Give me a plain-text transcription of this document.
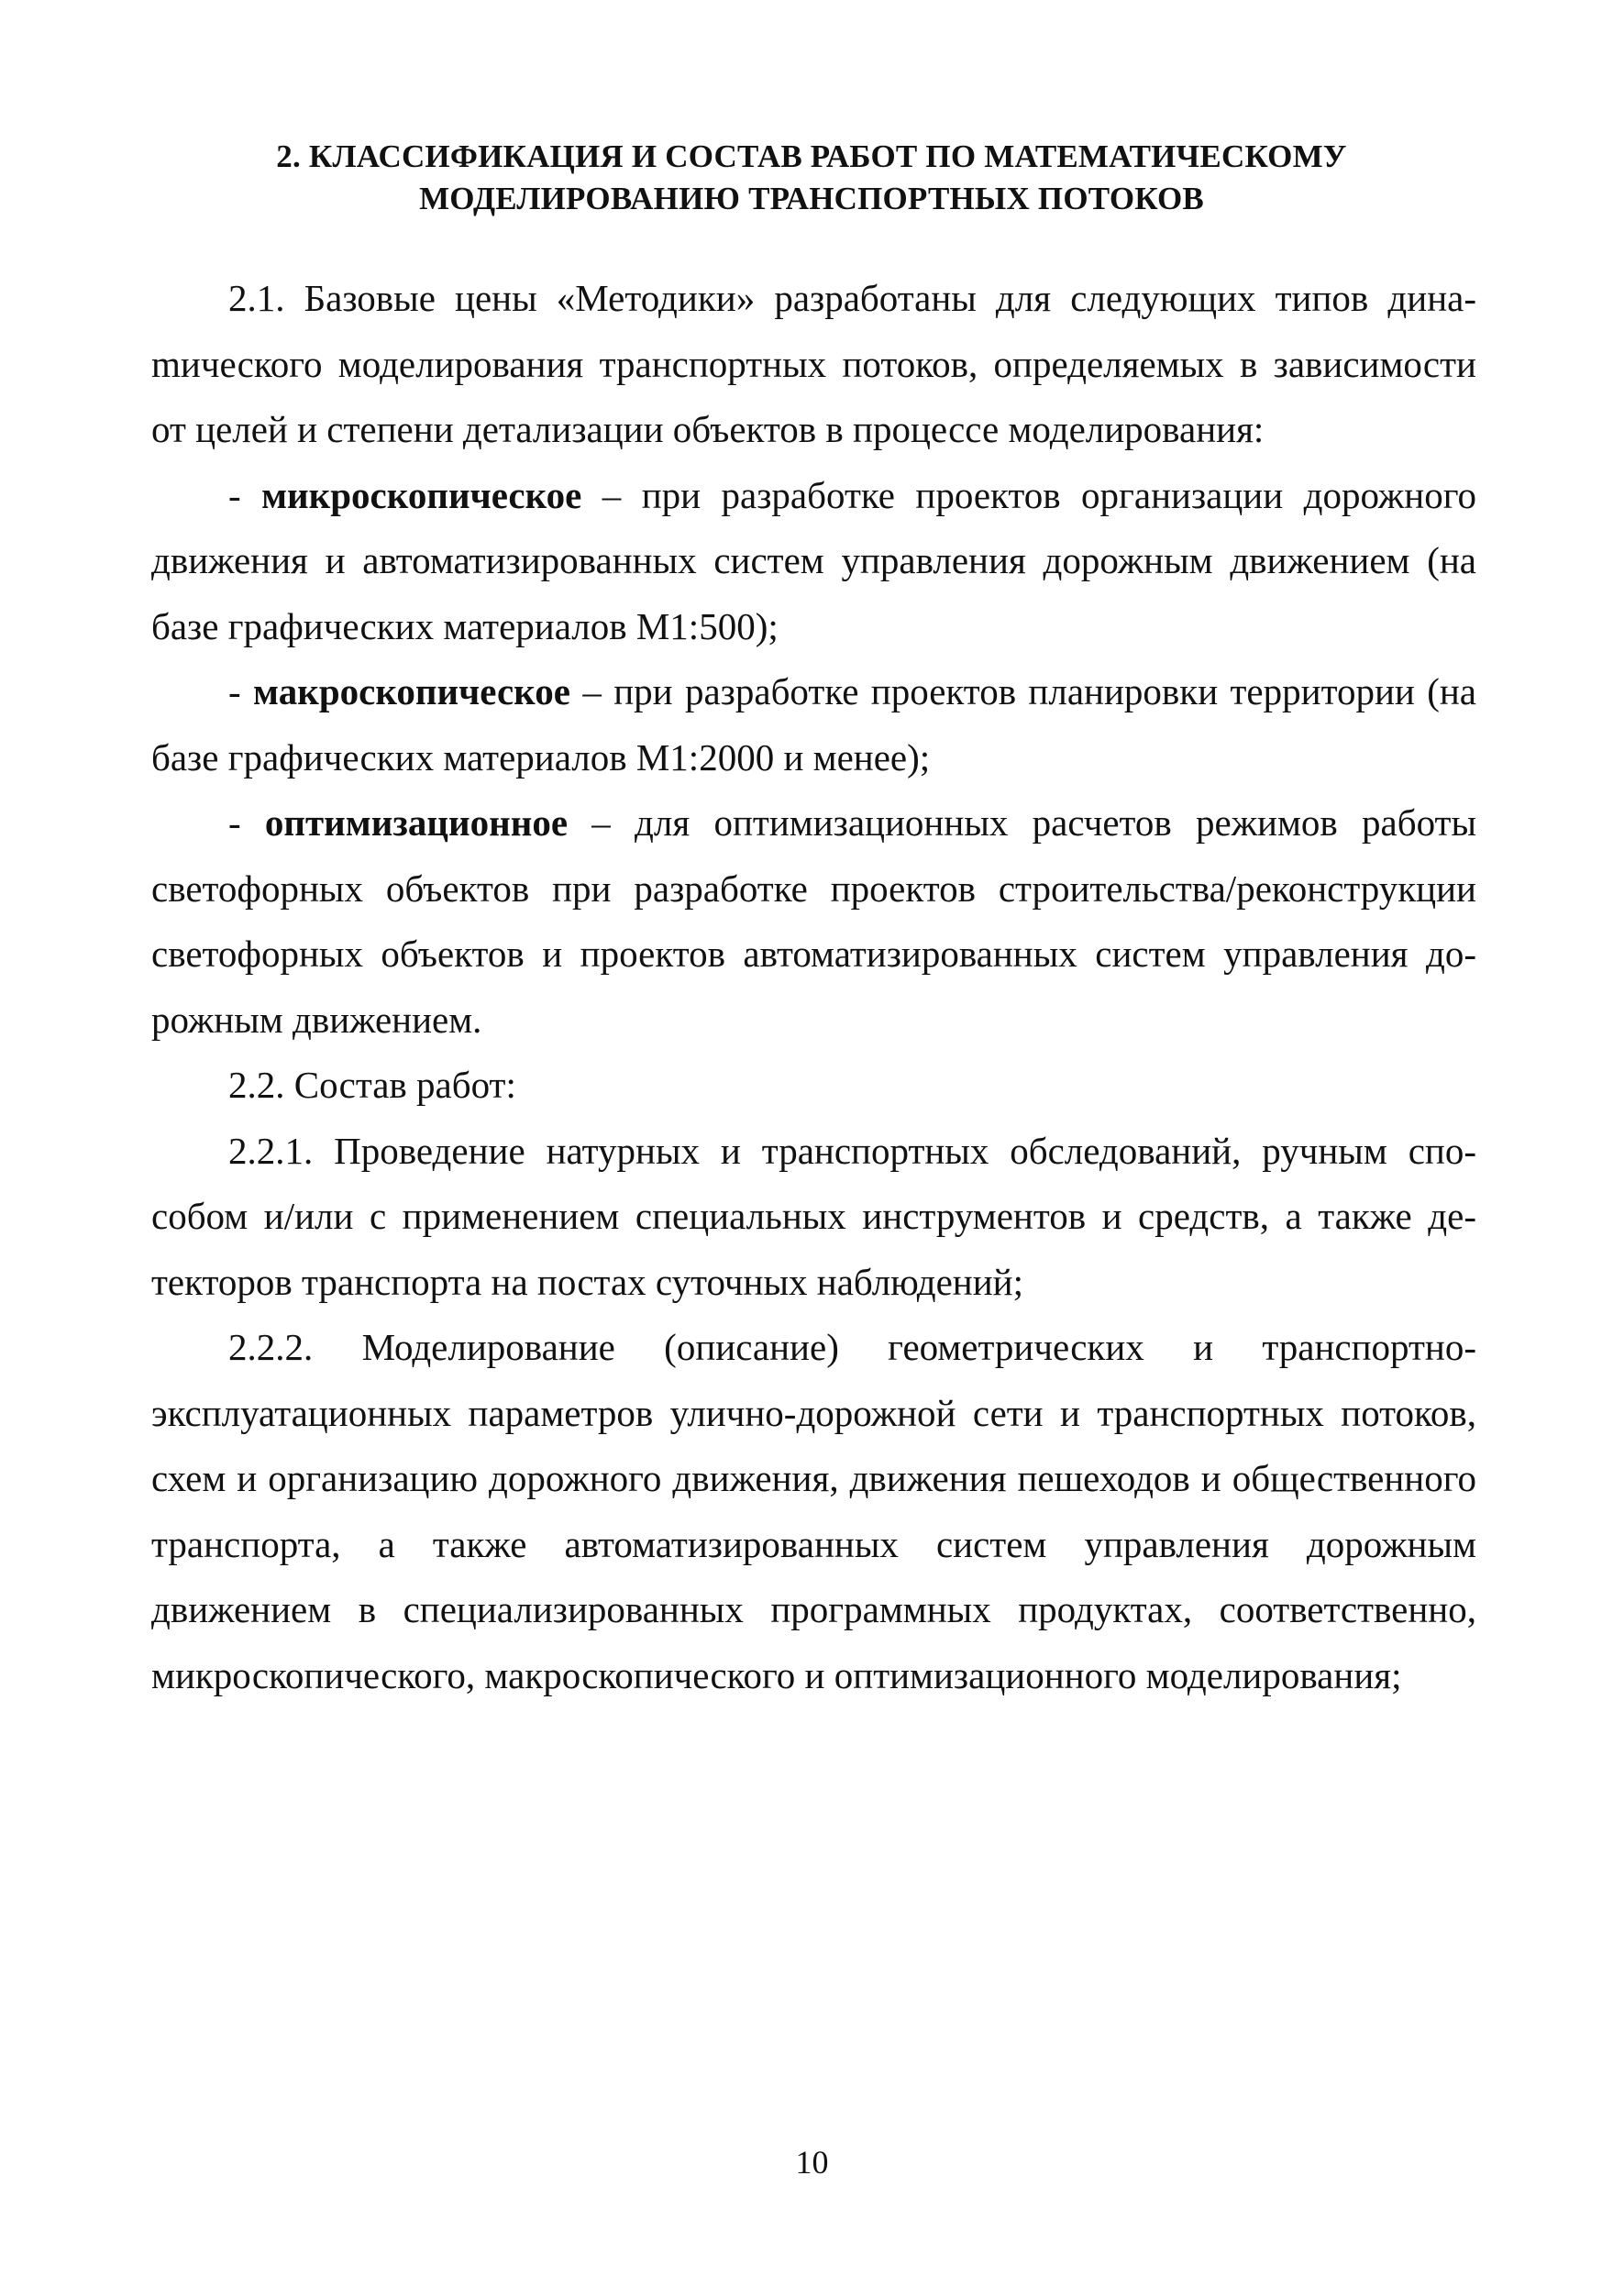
2. КЛАССИФИКАЦИЯ И СОСТАВ РАБОТ ПО МАТЕМАТИЧЕСКОМУ
МОДЕЛИРОВАНИЮ ТРАНСПОРТНЫХ ПОТОКОВ

2.1. Базовые цены «Методики» разработаны для следующих типов динаmического моделирования транспортных потоков, определяемых в зависимости от целей и степени детализации объектов в процессе моделирования:

- микроскопическое – при разработке проектов организации дорожного движения и автоматизированных систем управления дорожным движением (на базе графических материалов М1:500);

- макроскопическое – при разработке проектов планировки территории (на базе графических материалов М1:2000 и менее);

- оптимизационное – для оптимизационных расчетов режимов работы светофорных объектов при разработке проектов строительства/реконструкции светофорных объектов и проектов автоматизированных систем управления дорожным движением.

2.2. Состав работ:

2.2.1. Проведение натурных и транспортных обследований, ручным способом и/или с применением специальных инструментов и средств, а также детекторов транспорта на постах суточных наблюдений;

2.2.2. Моделирование (описание) геометрических и транспортно-эксплуатационных параметров улично-дорожной сети и транспортных потоков, схем и организацию дорожного движения, движения пешеходов и общественного транспорта, а также автоматизированных систем управления дорожным движением в специализированных программных продуктах, соответственно, микроскопического, макроскопического и оптимизационного моделирования;

10
